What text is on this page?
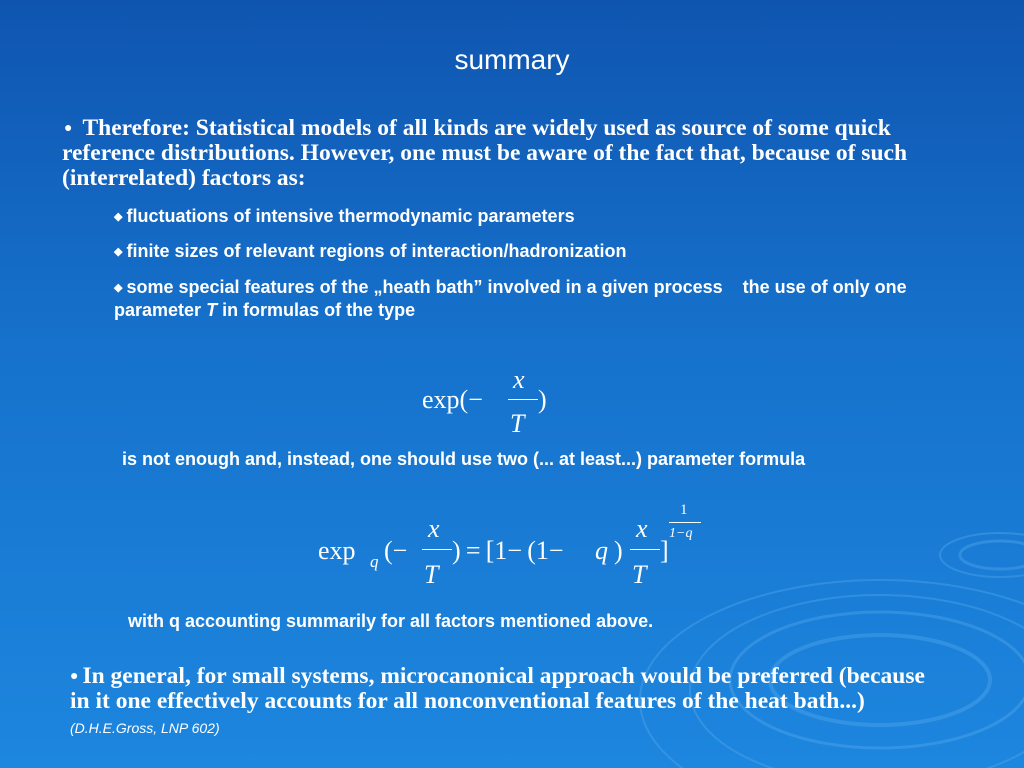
summary
● Therefore: Statistical models of all kinds are widely used as source of some quick reference distributions. However, one must be aware of the fact that, because of such (interrelated) factors as:
◆ fluctuations of intensive thermodynamic parameters
◆ finite sizes of relevant regions of interaction/hadronization
◆ some special features of the „heath bath” involved in a given process    the use of only one parameter T in formulas of the type
exp(−
x
T
)
is not enough and, instead, one should use two (... at least...) parameter formula
exp q (−
x
T
) = [1− (1− q )
x
T
]
1
1−q
with q accounting summarily for all factors mentioned above.
● In general, for small systems, microcanonical approach would be preferred (because in it one effectively accounts for all nonconventional features of the heat bath...) (D.H.E.Gross, LNP 602)
